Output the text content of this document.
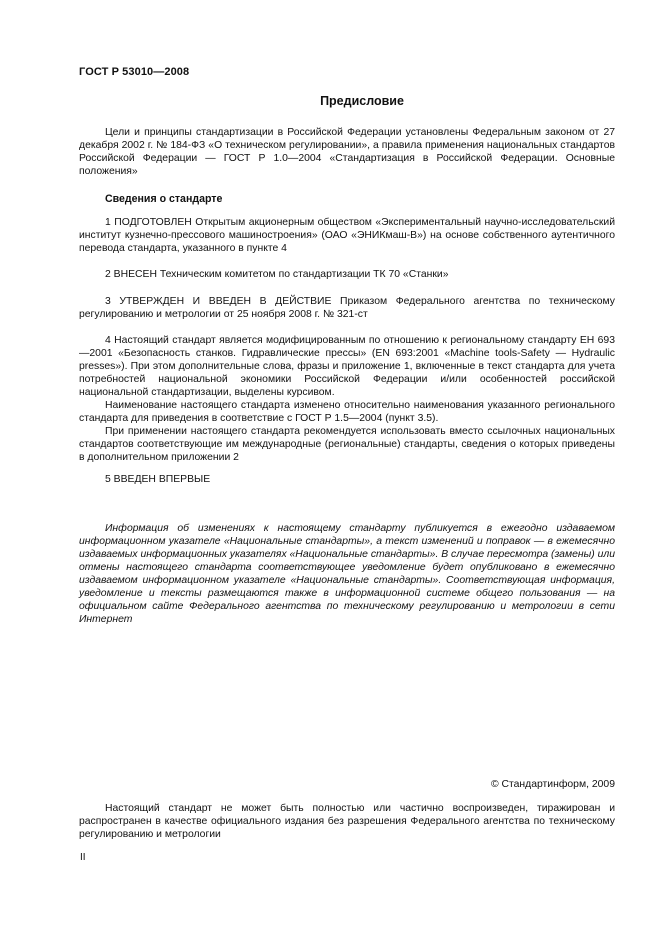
ГОСТ Р 53010—2008
Предисловие

Цели и принципы стандартизации в Российской Федерации установлены Федеральным законом от 27 декабря 2002 г. № 184-ФЗ «О техническом регулировании», а правила применения национальных стандартов Российской Федерации — ГОСТ Р 1.0—2004 «Стандартизация в Российской Федерации. Основные положения»

Сведения о стандарте

1 ПОДГОТОВЛЕН Открытым акционерным обществом «Экспериментальный научно-исследовательский институт кузнечно-прессового машиностроения» (ОАО «ЭНИКмаш-В») на основе собственного аутентичного перевода стандарта, указанного в пункте 4

2 ВНЕСЕН Техническим комитетом по стандартизации ТК 70 «Станки»

3 УТВЕРЖДЕН И ВВЕДЕН В ДЕЙСТВИЕ Приказом Федерального агентства по техническому регулированию и метрологии от 25 ноября 2008 г. № 321-ст

4 Настоящий стандарт является модифицированным по отношению к региональному стандарту ЕН 693—2001 «Безопасность станков. Гидравлические прессы» (EN 693:2001 «Machine tools-Safety — Hydraulic presses»). При этом дополнительные слова, фразы и приложение 1, включенные в текст стандарта для учета потребностей национальной экономики Российской Федерации и/или особенностей российской национальной стандартизации, выделены курсивом.

Наименование настоящего стандарта изменено относительно наименования указанного регионального стандарта для приведения в соответствие с ГОСТ Р 1.5—2004 (пункт 3.5).

При применении настоящего стандарта рекомендуется использовать вместо ссылочных национальных стандартов соответствующие им международные (региональные) стандарты, сведения о которых приведены в дополнительном приложении 2

5 ВВЕДЕН ВПЕРВЫЕ

Информация об изменениях к настоящему стандарту публикуется в ежегодно издаваемом информационном указателе «Национальные стандарты», а текст изменений и поправок — в ежемесячно издаваемых информационных указателях «Национальные стандарты». В случае пересмотра (замены) или отмены настоящего стандарта соответствующее уведомление будет опубликовано в ежемесячно издаваемом информационном указателе «Национальные стандарты». Соответствующая информация, уведомление и тексты размещаются также в информационной системе общего пользования — на официальном сайте Федерального агентства по техническому регулированию и метрологии в сети Интернет

© Стандартинформ, 2009

Настоящий стандарт не может быть полностью или частично воспроизведен, тиражирован и распространен в качестве официального издания без разрешения Федерального агентства по техническому регулированию и метрологии

II
